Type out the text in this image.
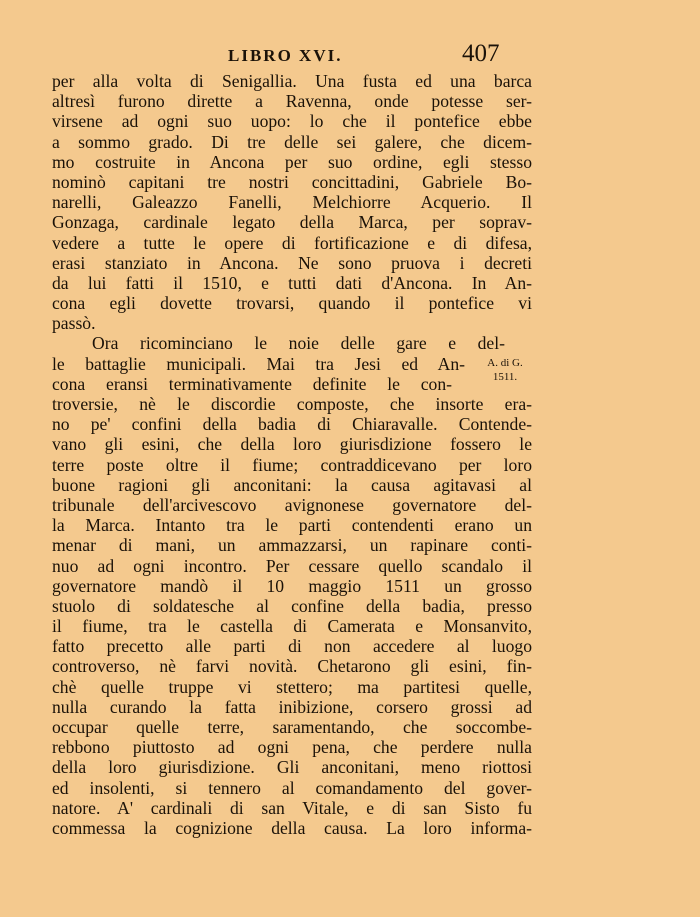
LIBRO XVI.	407
A. di G.
1511.
per alla volta di Senigallia. Una fusta ed una barca
altresì furono dirette a Ravenna, onde potesse ser-
virsene ad ogni suo uopo: lo che il pontefice ebbe
a sommo grado. Di tre delle sei galere, che dicem-
mo costruite in Ancona per suo ordine, egli stesso
nominò capitani tre nostri concittadini, Gabriele Bo-
narelli, Galeazzo Fanelli, Melchiorre Acquerio. Il
Gonzaga, cardinale legato della Marca, per soprav-
vedere a tutte le opere di fortificazione e di difesa,
erasi stanziato in Ancona. Ne sono pruova i decreti
da lui fatti il 1510, e tutti dati d'Ancona. In An-
cona egli dovette trovarsi, quando il pontefice vi
passò.
Ora ricominciano le noie delle gare e del-
le battaglie municipali. Mai tra Jesi ed An-
cona eransi terminativamente definite le con-
troversie, nè le discordie composte, che insorte era-
no pe' confini della badia di Chiaravalle. Contende-
vano gli esini, che della loro giurisdizione fossero le
terre poste oltre il fiume; contraddicevano per loro
buone ragioni gli anconitani: la causa agitavasi al
tribunale dell'arcivescovo avignonese governatore del-
la Marca. Intanto tra le parti contendenti erano un
menar di mani, un ammazzarsi, un rapinare conti-
nuo ad ogni incontro. Per cessare quello scandalo il
governatore mandò il 10 maggio 1511 un grosso
stuolo di soldatesche al confine della badia, presso
il fiume, tra le castella di Camerata e Monsanvito,
fatto precetto alle parti di non accedere al luogo
controverso, nè farvi novità. Chetarono gli esini, fin-
chè quelle truppe vi stettero; ma partitesi quelle,
nulla curando la fatta inibizione, corsero grossi ad
occupar quelle terre, saramentando, che soccombe-
rebbono piuttosto ad ogni pena, che perdere nulla
della loro giurisdizione. Gli anconitani, meno riottosi
ed insolenti, si tennero al comandamento del gover-
natore. A' cardinali di san Vitale, e di san Sisto fu
commessa la cognizione della causa. La loro informa-
